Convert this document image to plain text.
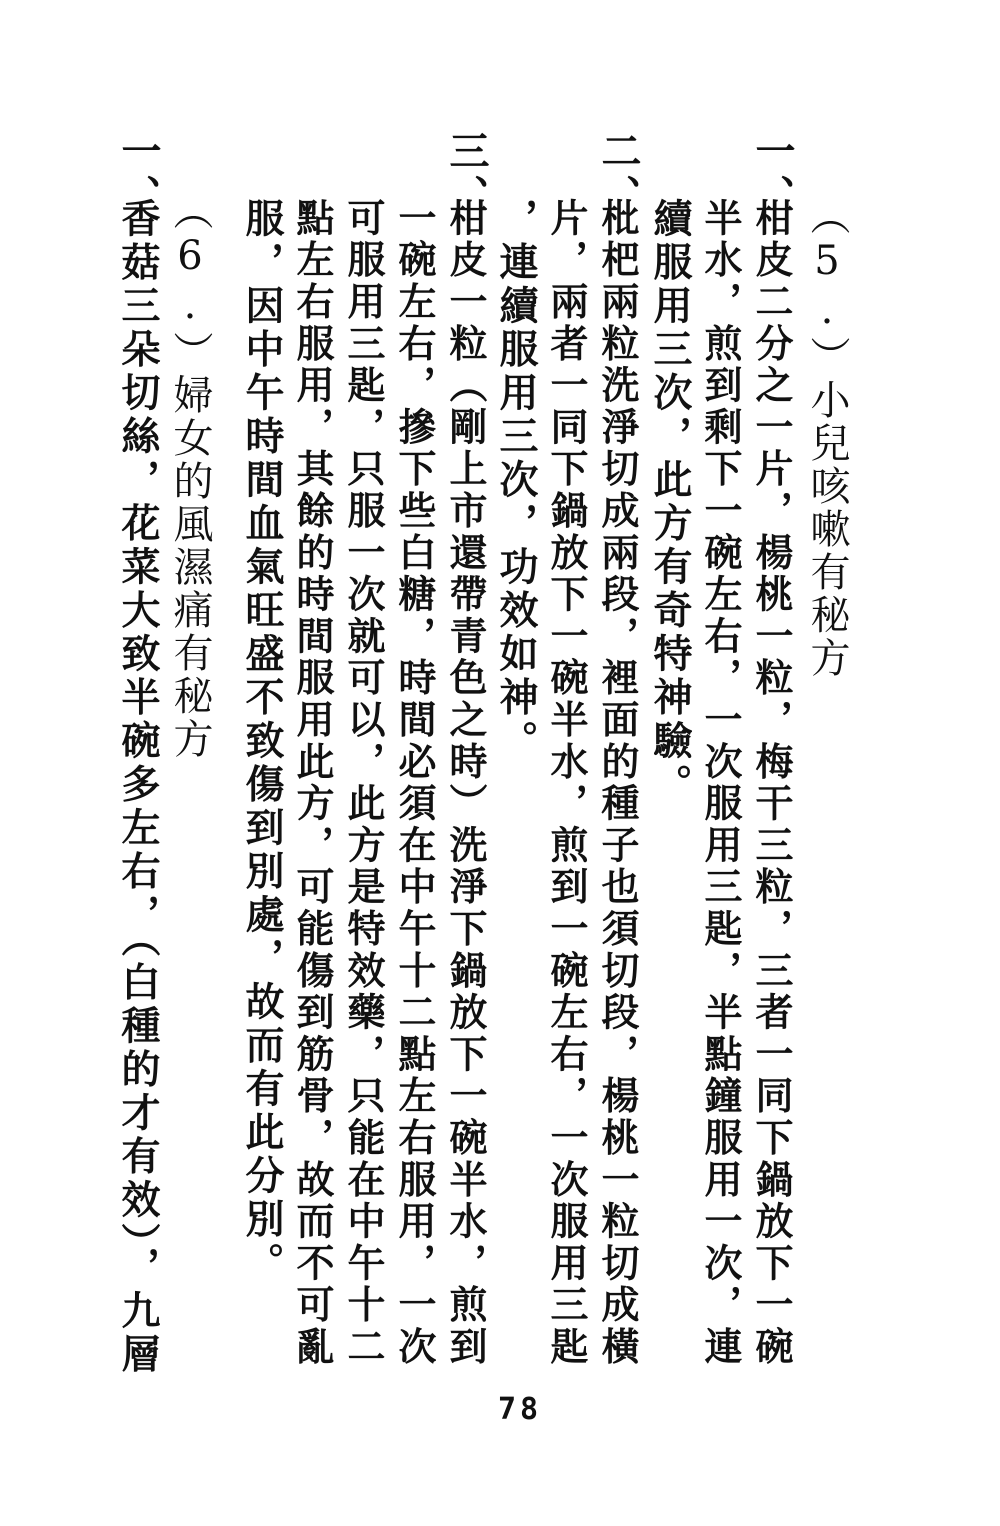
（5.）小兒咳嗽有秘方
一、
柑皮二分之一片，楊桃一粒，梅干三粒，三者一同下鍋放下一碗
半水，煎到剩下一碗左右，一次服用三匙，半點鐘服用一次，連
續服用三次，此方有奇特神驗。
二、
枇杷兩粒洗淨切成兩段，裡面的種子也須切段，楊桃一粒切成橫
片，兩者一同下鍋放下一碗半水，煎到一碗左右，一次服用三匙
，連續服用三次，功效如神。
三、
柑皮一粒（剛上市還帶青色之時）洗淨下鍋放下一碗半水，煎到
一碗左右，摻下些白糖，時間必須在中午十二點左右服用，一次
可服用三匙，只服一次就可以，此方是特效藥，只能在中午十二
點左右服用，其餘的時間服用此方，可能傷到筋骨，故而不可亂
服，因中午時間血氣旺盛不致傷到別處，故而有此分別。
（6.）婦女的風濕痛有秘方
一、
香菇三朵切絲，花菜大致半碗多左右，（白種的才有效），九層
78
